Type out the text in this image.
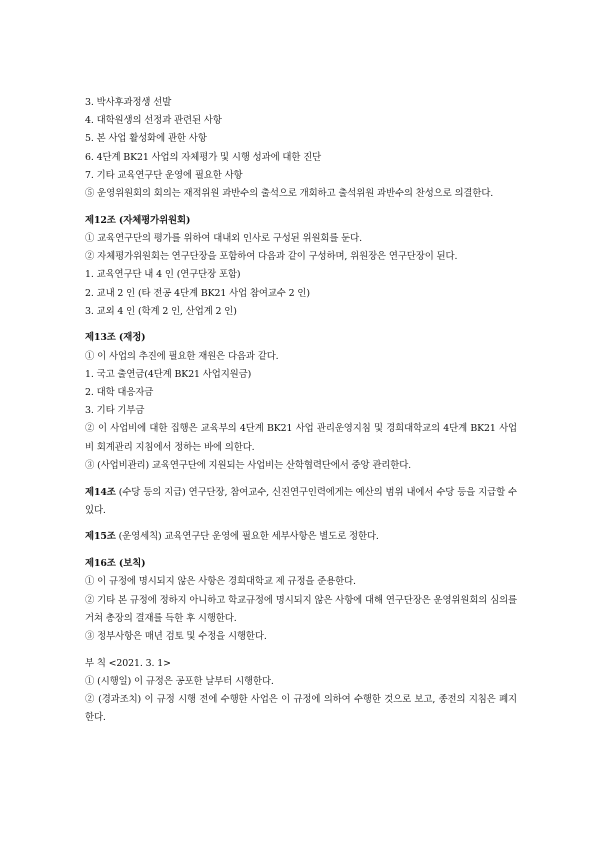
3. 박사후과정생 선발
4. 대학원생의 선정과 관련된 사항
5. 본 사업 활성화에 관한 사항
6. 4단계 BK21 사업의 자체평가 및 시행 성과에 대한 진단
7. 기타 교육연구단 운영에 필요한 사항
⑤ 운영위원회의 회의는 재적위원 과반수의 출석으로 개회하고 출석위원 과반수의 찬성으로 의결한다.
제12조 (자체평가위원회)
① 교육연구단의 평가를 위하여 대내외 인사로 구성된 위원회를 둔다.
② 자체평가위원회는 연구단장을 포함하여 다음과 같이 구성하며, 위원장은 연구단장이 된다.
1. 교육연구단 내 4 인 (연구단장 포함)
2. 교내 2 인 (타 전공 4단계 BK21 사업 참여교수 2 인)
3. 교외 4 인 (학계 2 인, 산업계 2 인)
제13조 (재정)
① 이 사업의 추진에 필요한 재원은 다음과 같다.
1. 국고 출연금(4단계 BK21 사업지원금)
2. 대학 대응자금
3. 기타 기부금
② 이 사업비에 대한 집행은 교육부의 4단계 BK21 사업 관리운영지침 및 경희대학교의 4단계 BK21 사업비 회계관리 지침에서 정하는 바에 의한다.
③ (사업비관리) 교육연구단에 지원되는 사업비는 산학협력단에서 중앙 관리한다.
제14조 (수당 등의 지급) 연구단장, 참여교수, 신진연구인력에게는 예산의 범위 내에서 수당 등을 지급할 수 있다.
제15조 (운영세칙) 교육연구단 운영에 필요한 세부사항은 별도로 정한다.
제16조 (보칙)
① 이 규정에 명시되지 않은 사항은 경희대학교 제 규정을 준용한다.
② 기타 본 규정에 정하지 아니하고 학교규정에 명시되지 않은 사항에 대해 연구단장은 운영위원회의 심의를 거쳐 총장의 결재를 득한 후 시행한다.
③ 정부사항은 매년 검토 및 수정을 시행한다.
부 칙 <2021. 3. 1>
① (시행일) 이 규정은 공포한 날부터 시행한다.
② (경과조치) 이 규정 시행 전에 수행한 사업은 이 규정에 의하여 수행한 것으로 보고, 종전의 지침은 폐지한다.
